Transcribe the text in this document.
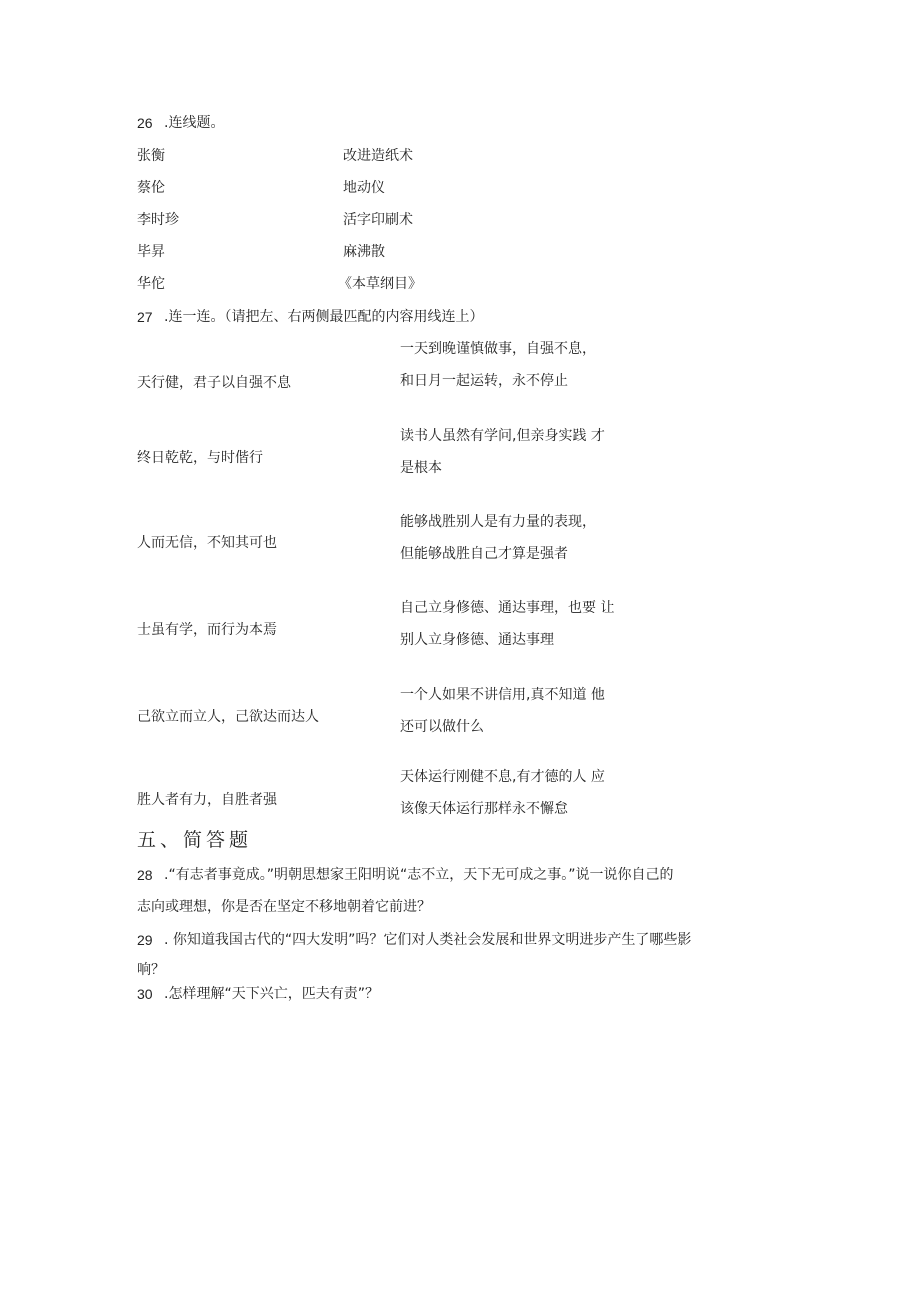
26 .连线题。
张衡
蔡伦
李时珍
毕昇
华佗
改进造纸术
地动仪
活字印刷术
麻沸散
《本草纲目》
27 .连一连。（请把左、右两侧最匹配的内容用线连上）
天行健，君子以自强不息
终日乾乾，与时偕行
人而无信，不知其可也
士虽有学，而行为本焉
己欲立而立人，己欲达而达人
胜人者有力，自胜者强
一天到晚谨慎做事，自强不息，
和日月一起运转，永不停止
读书人虽然有学问,但亲身实践 才
是根本
能够战胜别人是有力量的表现，
但能够战胜自己才算是强者
自己立身修德、通达事理，也要 让
别人立身修德、通达事理
一个人如果不讲信用,真不知道 他
还可以做什么
天体运行刚健不息,有才德的人 应
该像天体运行那样永不懈怠
五、简答题
28 .“有志者事竟成。”明朝思想家王阳明说“志不立，天下无可成之事。”说一说你自己的
志向或理想，你是否在坚定不移地朝着它前进？
29 . 你知道我国古代的“四大发明”吗？它们对人类社会发展和世界文明进步产生了哪些影
响？
30 .怎样理解“天下兴亡，匹夫有责”？
